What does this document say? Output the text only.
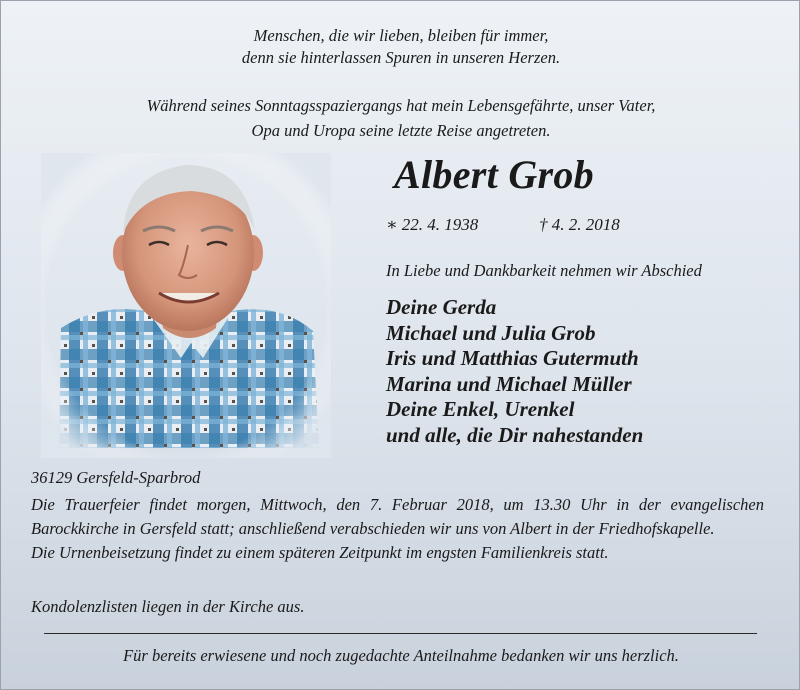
Menschen, die wir lieben, bleiben für immer,
denn sie hinterlassen Spuren in unseren Herzen.
Während seines Sonntagsspaziergangs hat mein Lebensgefährte, unser Vater,
Opa und Uropa seine letzte Reise angetreten.
Albert Grob
∗ 22. 4. 1938	† 4. 2. 2018
In Liebe und Dankbarkeit nehmen wir Abschied
Deine Gerda
Michael und Julia Grob
Iris und Matthias Gutermuth
Marina und Michael Müller
Deine Enkel, Urenkel
und alle, die Dir nahestanden
36129 Gersfeld-Sparbrod
Die Trauerfeier findet morgen, Mittwoch, den 7. Februar 2018, um 13.30 Uhr in der evangelischen Barockkirche in Gersfeld statt; anschließend verabschieden wir uns von Albert in der Friedhofskapelle.
Die Urnenbeisetzung findet zu einem späteren Zeitpunkt im engsten Familienkreis statt.
Kondolenzlisten liegen in der Kirche aus.
Für bereits erwiesene und noch zugedachte Anteilnahme bedanken wir uns herzlich.
